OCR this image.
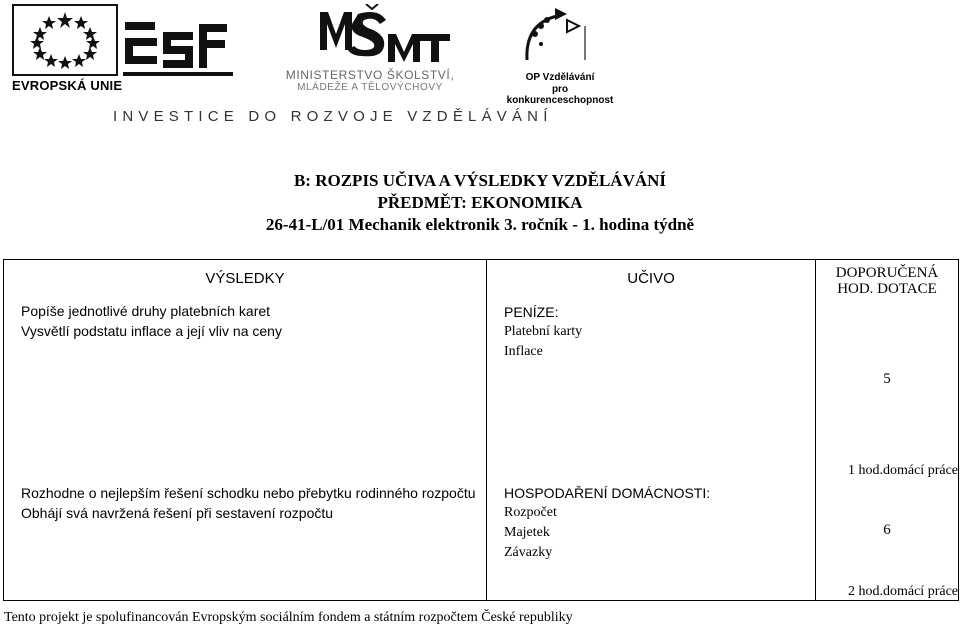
EVROPSKÁ UNIE
MINISTERSTVO ŠKOLSTVÍ,
MLÁDEŽE A TĚLOVÝCHOVY
OP Vzdělávání
pro konkurenceschopnost
INVESTICE DO ROZVOJE VZDĚLÁVÁNÍ
B: ROZPIS UČIVA A VÝSLEDKY VZDĚLÁVÁNÍ
PŘEDMĚT: EKONOMIKA
26-41-L/01 Mechanik elektronik 3. ročník - 1. hodina týdně
VÝSLEDKY	UČIVO	DOPORUČENÁ
HOD. DOTACE
Popíše jednotlivé druhy platebních karet
Vysvětlí podstatu inflace a její vliv na ceny
PENÍZE:
Platební karty
Inflace
5
1 hod.domácí práce
Rozhodne o nejlepším řešení schodku nebo přebytku rodinného rozpočtu
Obhájí svá navržená řešení při sestavení rozpočtu
HOSPODAŘENÍ DOMÁCNOSTI:
Rozpočet
Majetek
Závazky
6
2 hod.domácí práce
Tento projekt je spolufinancován Evropským sociálním fondem a státním rozpočtem České republiky
